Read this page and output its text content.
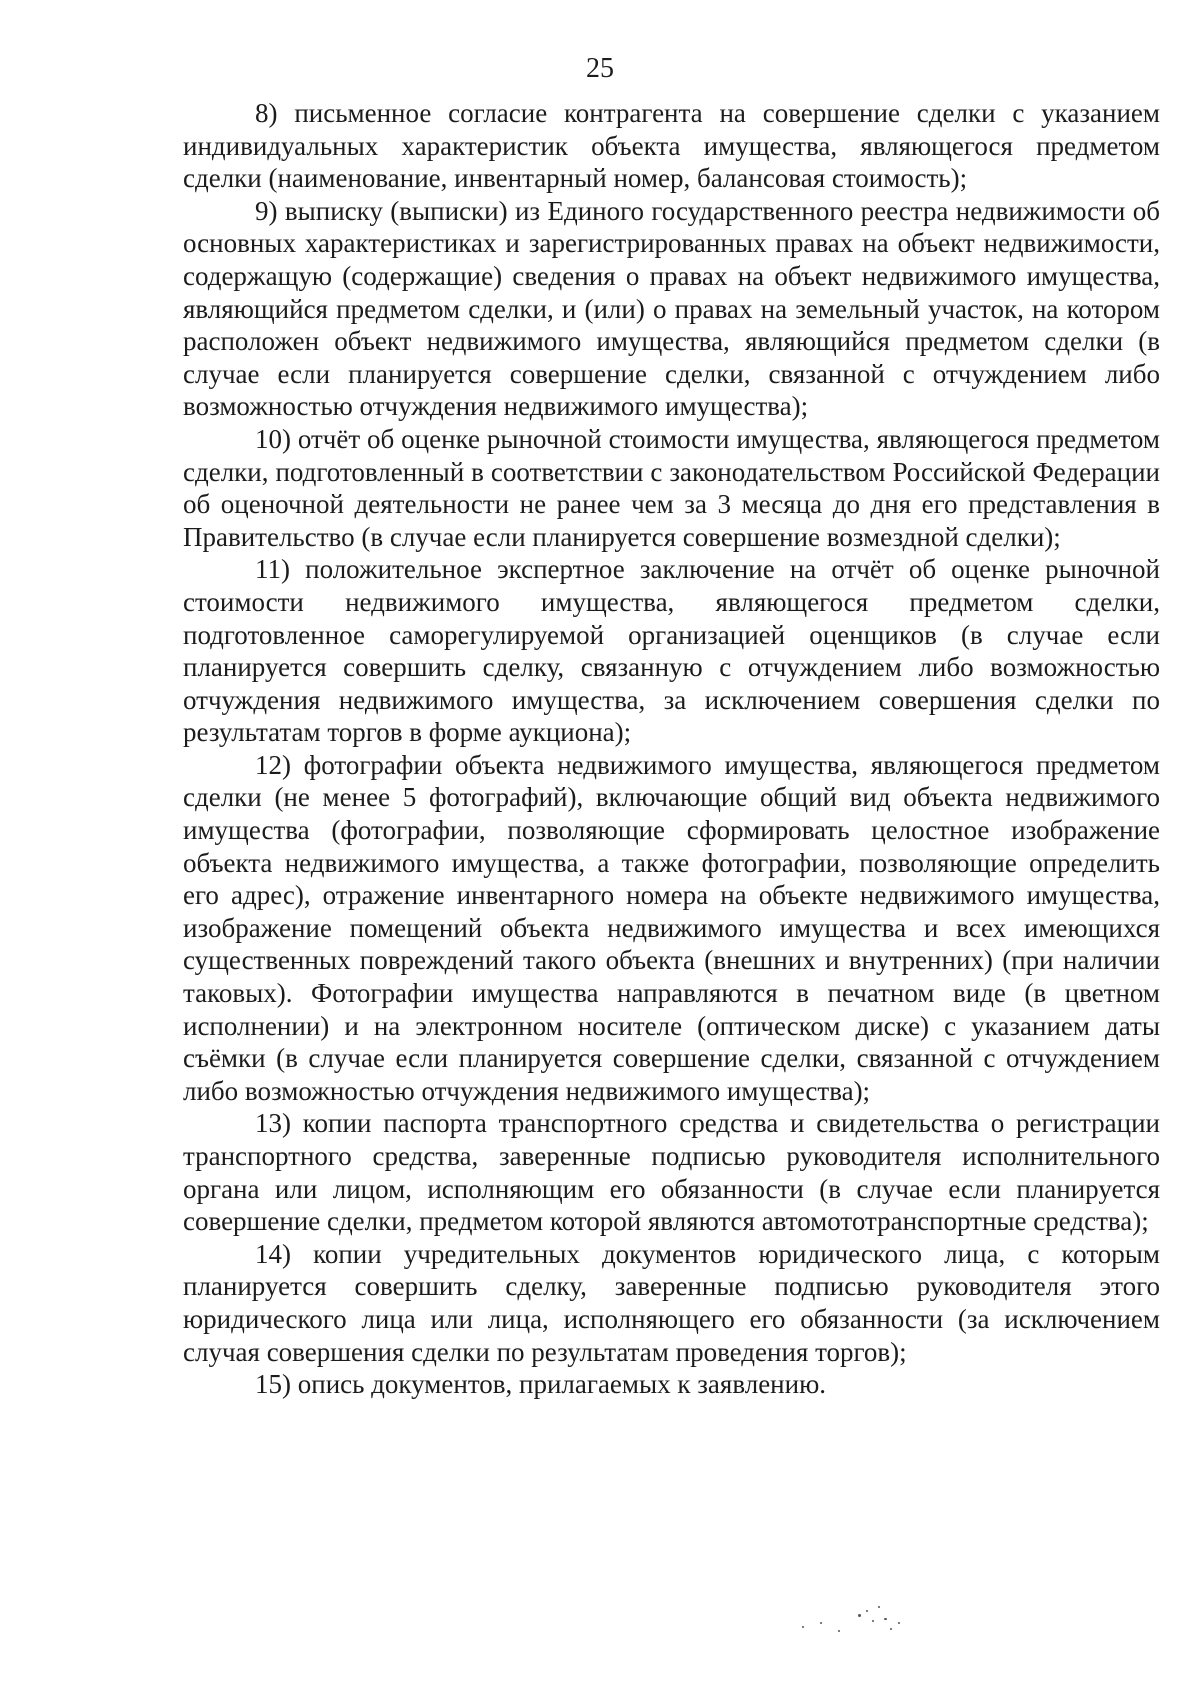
25

8) письменное согласие контрагента на совершение сделки с указанием индивидуальных характеристик объекта имущества, являющегося предметом сделки (наименование, инвентарный номер, балансовая стоимость);

9) выписку (выписки) из Единого государственного реестра недвижимости об основных характеристиках и зарегистрированных правах на объект недвижимости, содержащую (содержащие) сведения о правах на объект недвижимого имущества, являющийся предметом сделки, и (или) о правах на земельный участок, на котором расположен объект недвижимого имущества, являющийся предметом сделки (в случае если планируется совершение сделки, связанной с отчуждением либо возможностью отчуждения недвижимого имущества);

10) отчёт об оценке рыночной стоимости имущества, являющегося предметом сделки, подготовленный в соответствии с законодательством Российской Федерации об оценочной деятельности не ранее чем за 3 месяца до дня его представления в Правительство (в случае если планируется совершение возмездной сделки);

11) положительное экспертное заключение на отчёт об оценке рыночной стоимости недвижимого имущества, являющегося предметом сделки, подготовленное саморегулируемой организацией оценщиков (в случае если планируется совершить сделку, связанную с отчуждением либо возможностью отчуждения недвижимого имущества, за исключением совершения сделки по результатам торгов в форме аукциона);

12) фотографии объекта недвижимого имущества, являющегося предметом сделки (не менее 5 фотографий), включающие общий вид объекта недвижимого имущества (фотографии, позволяющие сформировать целостное изображение объекта недвижимого имущества, а также фотографии, позволяющие определить его адрес), отражение инвентарного номера на объекте недвижимого имущества, изображение помещений объекта недвижимого имущества и всех имеющихся существенных повреждений такого объекта (внешних и внутренних) (при наличии таковых). Фотографии имущества направляются в печатном виде (в цветном исполнении) и на электронном носителе (оптическом диске) с указанием даты съёмки (в случае если планируется совершение сделки, связанной с отчуждением либо возможностью отчуждения недвижимого имущества);

13) копии паспорта транспортного средства и свидетельства о регистрации транспортного средства, заверенные подписью руководителя исполнительного органа или лицом, исполняющим его обязанности (в случае если планируется совершение сделки, предметом которой являются автомототранспортные средства);

14) копии учредительных документов юридического лица, с которым планируется совершить сделку, заверенные подписью руководителя этого юридического лица или лица, исполняющего его обязанности (за исключением случая совершения сделки по результатам проведения торгов);

15) опись документов, прилагаемых к заявлению.
